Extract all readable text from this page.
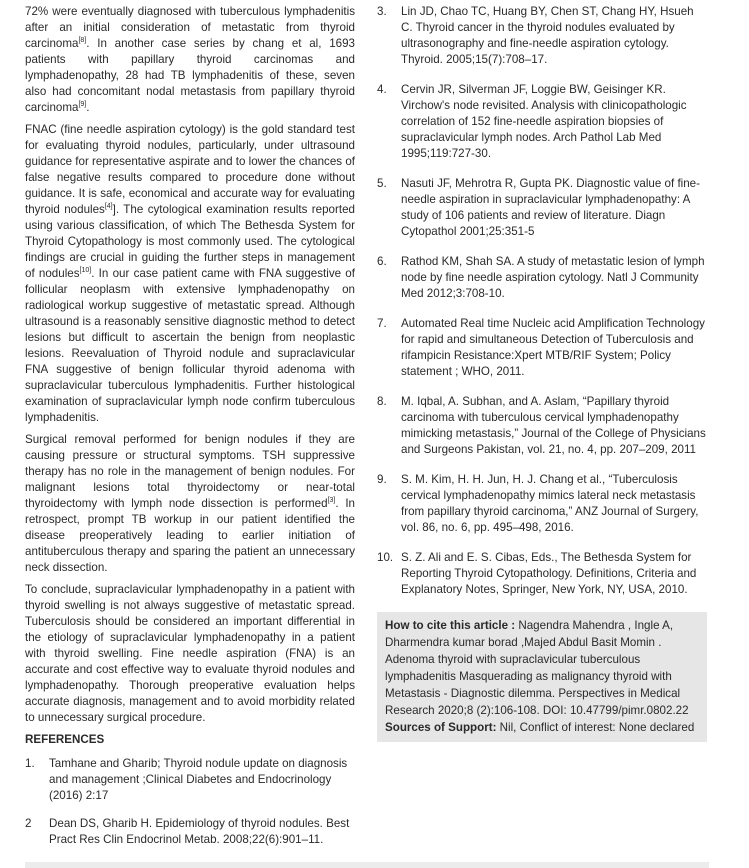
72% were eventually diagnosed with tuberculous lymphadenitis after an initial consideration of metastatic from thyroid carcinoma[8]. In another case series by chang et al, 1693 patients with papillary thyroid carcinomas and lymphadenopathy, 28 had TB lymphadenitis of these, seven also had concomitant nodal metastasis from papillary thyroid carcinoma[9].

FNAC (fine needle aspiration cytology) is the gold standard test for evaluating thyroid nodules, particularly, under ultrasound guidance for representative aspirate and to lower the chances of false negative results compared to procedure done without guidance. It is safe, economical and accurate way for evaluating thyroid nodules[4]]. The cytological examination results reported using various classification, of which The Bethesda System for Thyroid Cytopathology is most commonly used. The cytological findings are crucial in guiding the further steps in management of nodules[10]. In our case patient came with FNA suggestive of follicular neoplasm with extensive lymphadenopathy on radiological workup suggestive of metastatic spread. Although ultrasound is a reasonably sensitive diagnostic method to detect lesions but difficult to ascertain the benign from neoplastic lesions. Reevaluation of Thyroid nodule and supraclavicular FNA suggestive of benign follicular thyroid adenoma with supraclavicular tuberculous lymphadenitis. Further histological examination of supraclavicular lymph node confirm tuberculous lymphadenitis.

Surgical removal performed for benign nodules if they are causing pressure or structural symptoms. TSH suppressive therapy has no role in the management of benign nodules. For malignant lesions total thyroidectomy or near-total thyroidectomy with lymph node dissection is performed[3]. In retrospect, prompt TB workup in our patient identified the disease preoperatively leading to earlier initiation of antituberculous therapy and sparing the patient an unnecessary neck dissection.

To conclude, supraclavicular lymphadenopathy in a patient with thyroid swelling is not always suggestive of metastatic spread. Tuberculosis should be considered an important differential in the etiology of supraclavicular lymphadenopathy in a patient with thyroid swelling. Fine needle aspiration (FNA) is an accurate and cost effective way to evaluate thyroid nodules and lymphadenopathy. Thorough preoperative evaluation helps accurate diagnosis, management and to avoid morbidity related to unnecessary surgical procedure.

REFERENCES
1.	Tamhane and Gharib; Thyroid nodule update on diagnosis and management ;Clinical Diabetes and Endocrinology (2016) 2:17
2	Dean DS, Gharib H. Epidemiology of thyroid nodules. Best Pract Res Clin Endocrinol Metab. 2008;22(6):901–11.
3.	Lin JD, Chao TC, Huang BY, Chen ST, Chang HY, Hsueh C. Thyroid cancer in the thyroid nodules evaluated by ultrasonography and fine-needle aspiration cytology. Thyroid. 2005;15(7):708–17.
4.	Cervin JR, Silverman JF, Loggie BW, Geisinger KR. Virchow's node revisited. Analysis with clinicopathologic correlation of 152 fine-needle aspiration biopsies of supraclavicular lymph nodes. Arch Pathol Lab Med 1995;119:727-30.
5.	Nasuti JF, Mehrotra R, Gupta PK. Diagnostic value of fine-needle aspiration in supraclavicular lymphadenopathy: A study of 106 patients and review of literature. Diagn Cytopathol 2001;25:351-5
6.	Rathod KM, Shah SA. A study of metastatic lesion of lymph node by fine needle aspiration cytology. Natl J Community Med 2012;3:708-10.
7.	Automated Real time Nucleic acid Amplification Technology for rapid and simultaneous Detection of Tuberculosis and rifampicin Resistance:Xpert MTB/RIF System; Policy statement ; WHO, 2011.
8.	M. Iqbal, A. Subhan, and A. Aslam, “Papillary thyroid carcinoma with tuberculous cervical lymphadenopathy mimicking metastasis,” Journal of the College of Physicians and Surgeons Pakistan, vol. 21, no. 4, pp. 207–209, 2011
9.	S. M. Kim, H. H. Jun, H. J. Chang et al., “Tuberculosis cervical lymphadenopathy mimics lateral neck metastasis from papillary thyroid carcinoma,” ANZ Journal of Surgery, vol. 86, no. 6, pp. 495–498, 2016.
10. S. Z. Ali and E. S. Cibas, Eds., The Bethesda System for Reporting Thyroid Cytopathology. Definitions, Criteria and Explanatory Notes, Springer, New York, NY, USA, 2010.
How to cite this article : Nagendra Mahendra , Ingle A, Dharmendra kumar borad ,Majed Abdul Basit Momin . Adenoma thyroid with supraclavicular tuberculous lymphadenitis Masquerading as malignancy thyroid with Metastasis - Diagnostic dilemma. Perspectives in Medical Research 2020;8 (2):106-108. DOI: 10.47799/pimr.0802.22
Sources of Support: Nil, Conflict of interest: None declared
